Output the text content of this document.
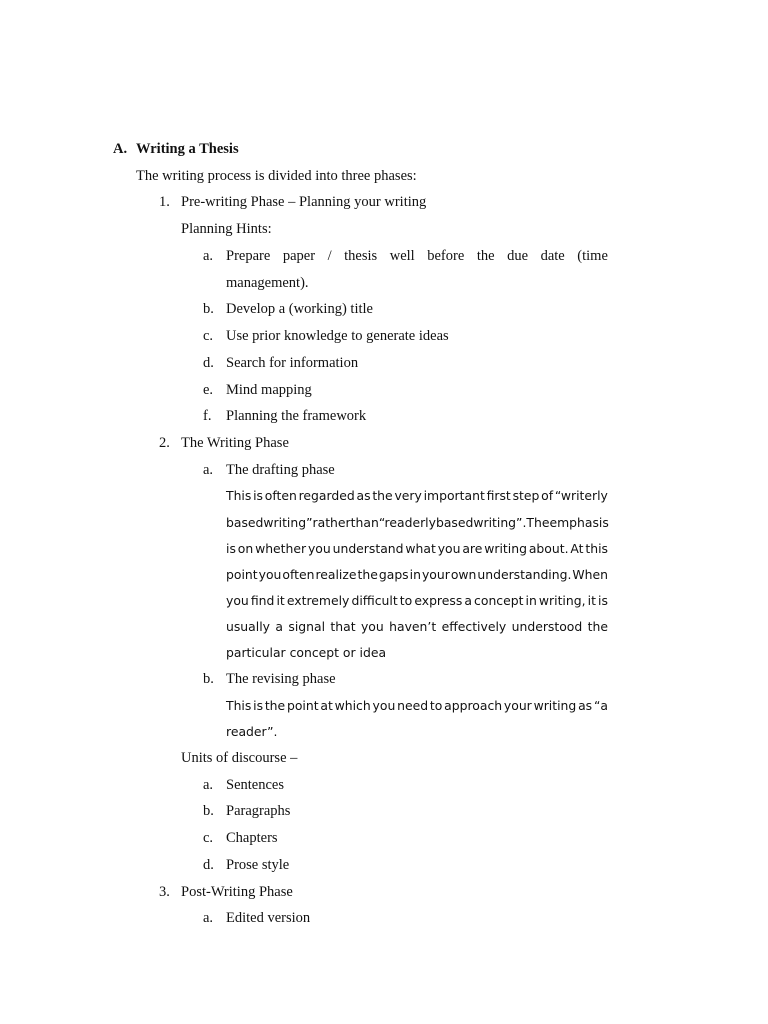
A. Writing a Thesis
The writing process is divided into three phases:
1. Pre-writing Phase – Planning your writing
Planning Hints:
a. Prepare paper / thesis well before the due date (time
management).
b. Develop a (working) title
c. Use prior knowledge to generate ideas
d. Search for information
e. Mind mapping
f. Planning the framework
2. The Writing Phase
a. The drafting phase
This is often regarded as the very important first step of “writerly
based writing” rather than “readerly based writing”. The emphasis
is on whether you understand what you are writing about. At this
point you often realize the gaps in your own understanding. When
you find it extremely difficult to express a concept in writing, it is
usually a signal that you haven’t effectively understood the
particular concept or idea
b. The revising phase
This is the point at which you need to approach your writing as “a
reader”.
Units of discourse –
a. Sentences
b. Paragraphs
c. Chapters
d. Prose style
3. Post-Writing Phase
a. Edited version
